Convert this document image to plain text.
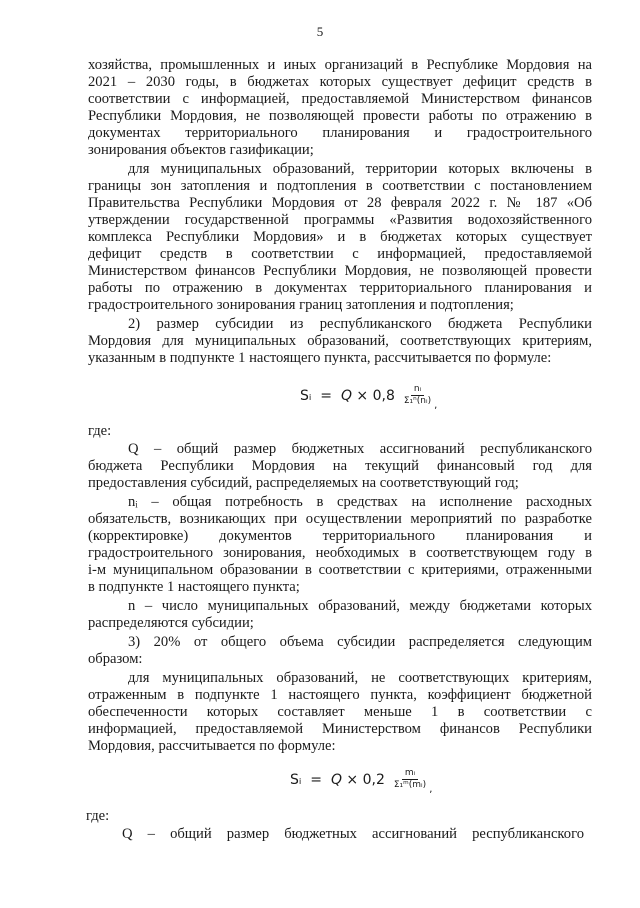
5
хозяйства, промышленных и иных организаций в Республике Мордовия на
2021 – 2030 годы, в бюджетах которых существует дефицит средств в
соответствии с информацией, предоставляемой Министерством финансов
Республики Мордовия, не позволяющей провести работы по отражению в
документах территориального планирования и градостроительного
зонирования объектов газификации;
для муниципальных образований, территории которых включены в
границы зон затопления и подтопления в соответствии с постановлением
Правительства Республики Мордовия от 28 февраля 2022 г. № 187 «Об
утверждении государственной программы «Развития водохозяйственного
комплекса Республики Мордовия» и в бюджетах которых существует
дефицит средств в соответствии с информацией, предоставляемой
Министерством финансов Республики Мордовия, не позволяющей провести
работы по отражению в документах территориального планирования и
градостроительного зонирования границ затопления и подтопления;
2) размер субсидии из республиканского бюджета Республики
Мордовия для муниципальных образований, соответствующих критериям,
указанным в подпункте 1 настоящего пункта, рассчитывается по формуле:
Sᵢ
=
Q
×
$0,8 \frac{\text{nᵢ}}{\text{Σ₁ⁿ(nᵢ)}}$ ,
где:
Q – общий размер бюджетных ассигнований республиканского
бюджета Республики Мордовия на текущий финансовый год для
предоставления субсидий, распределяемых на соответствующий год;
nᵢ – общая потребность в средствах на исполнение расходных
обязательств, возникающих при осуществлении мероприятий по разработке
(корректировке) документов территориального планирования и
градостроительного зонирования, необходимых в соответствующем году в
i-м муниципальном образовании в соответствии с критериями, отраженными
в подпункте 1 настоящего пункта;
n – число муниципальных образований, между бюджетами которых
распределяются субсидии;
3) 20% от общего объема субсидии распределяется следующим
образом:
для муниципальных образований, не соответствующих критериям,
отраженным в подпункте 1 настоящего пункта, коэффициент бюджетной
обеспеченности которых составляет меньше 1 в соответствии с
информацией, предоставляемой Министерством финансов Республики
Мордовия, рассчитывается по формуле:
Sᵢ
=
Q
×
$0,2 \frac{\text{mᵢ}}{\text{Σ₁ᵐ(mᵢ)}}$ ,
где:
Q – общий размер бюджетных ассигнований республиканского
